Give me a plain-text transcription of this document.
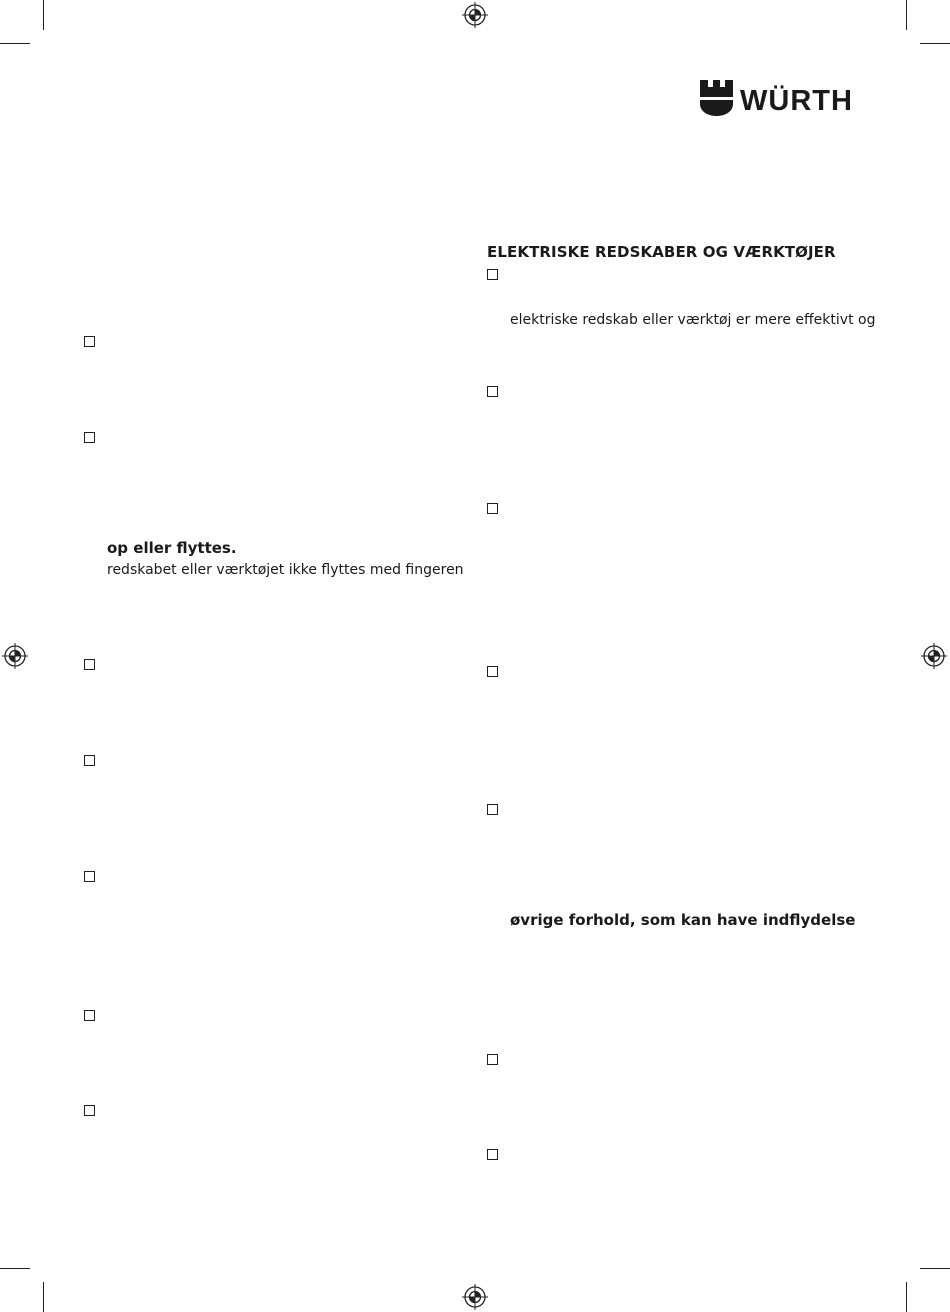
WÜRTH
ELEKTRISKE REDSKABER OG VÆRKTØJER
elektriske redskab eller værktøj er mere effektivt og
op eller flyttes.
redskabet eller værktøjet ikke flyttes med fingeren
øvrige forhold, som kan have indflydelse
